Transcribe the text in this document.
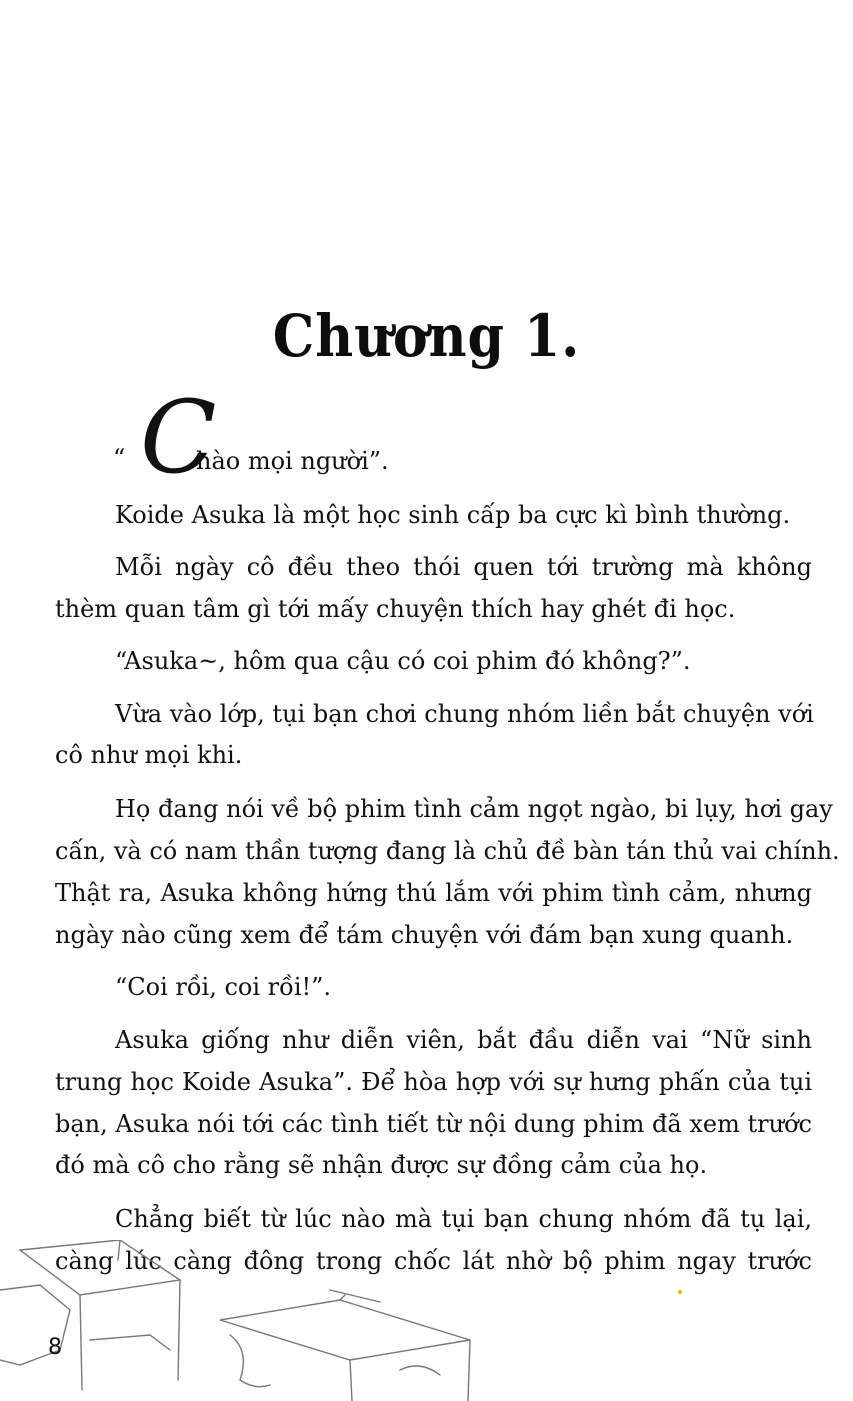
Chương 1.
“ C
hào mọi người”.
Koide Asuka là một học sinh cấp ba cực kì bình thường.
Mỗi ngày cô đều theo thói quen tới trường mà không
thèm quan tâm gì tới mấy chuyện thích hay ghét đi học.
“Asuka~, hôm qua cậu có coi phim đó không?”.
Vừa vào lớp, tụi bạn chơi chung nhóm liền bắt chuyện với
cô như mọi khi.
Họ đang nói về bộ phim tình cảm ngọt ngào, bi lụy, hơi gay
cấn, và có nam thần tượng đang là chủ đề bàn tán thủ vai chính.
Thật ra, Asuka không hứng thú lắm với phim tình cảm, nhưng
ngày nào cũng xem để tám chuyện với đám bạn xung quanh.
“Coi rồi, coi rồi!”.
Asuka giống như diễn viên, bắt đầu diễn vai “Nữ sinh
trung học Koide Asuka”. Để hòa hợp với sự hưng phấn của tụi
bạn, Asuka nói tới các tình tiết từ nội dung phim đã xem trước
đó mà cô cho rằng sẽ nhận được sự đồng cảm của họ.
Chẳng biết từ lúc nào mà tụi bạn chung nhóm đã tụ lại,
càng lúc càng đông trong chốc lát nhờ bộ phim ngay trước
8
